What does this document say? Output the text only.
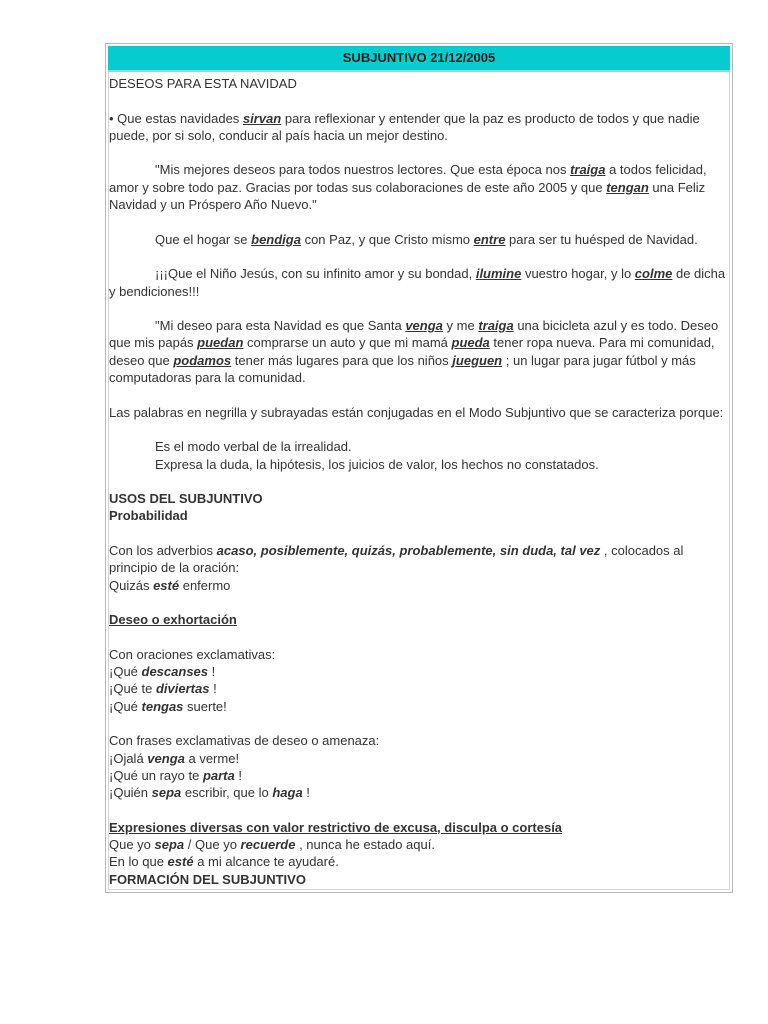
SUBJUNTIVO 21/12/2005

DESEOS PARA ESTA NAVIDAD

• Que estas navidades sirvan para reflexionar y entender que la paz es producto de todos y que nadie puede, por si solo, conducir al país hacia un mejor destino.

"Mis mejores deseos para todos nuestros lectores. Que esta época nos traiga a todos felicidad, amor y sobre todo paz. Gracias por todas sus colaboraciones de este año 2005 y que tengan una Feliz Navidad y un Próspero Año Nuevo."

Que el hogar se bendiga con Paz, y que Cristo mismo entre para ser tu huésped de Navidad.

¡¡¡Que el Niño Jesús, con su infinito amor y su bondad, ilumine vuestro hogar, y lo colme de dicha y bendiciones!!!

"Mi deseo para esta Navidad es que Santa venga y me traiga una bicicleta azul y es todo. Deseo que mis papás puedan comprarse un auto y que mi mamá pueda tener ropa nueva. Para mi comunidad, deseo que podamos tener más lugares para que los niños jueguen ; un lugar para jugar fútbol y más computadoras para la comunidad.

Las palabras en negrilla y subrayadas están conjugadas en el Modo Subjuntivo que se caracteriza porque:

Es el modo verbal de la irrealidad.

Expresa la duda, la hipótesis, los juicios de valor, los hechos no constatados.

USOS DEL SUBJUNTIVO

Probabilidad

Con los adverbios acaso, posiblemente, quizás, probablemente, sin duda, tal vez , colocados al principio de la oración:

Quizás esté enfermo

Deseo o exhortación

Con oraciones exclamativas:

¡Qué descanses !

¡Qué te diviertas !

¡Qué tengas suerte!

Con frases exclamativas de deseo o amenaza:

¡Ojalá venga a verme!

¡Qué un rayo te parta !

¡Quién sepa escribir, que lo haga !

Expresiones diversas con valor restrictivo de excusa, disculpa o cortesía

Que yo sepa / Que yo recuerde , nunca he estado aquí.

En lo que esté a mi alcance te ayudaré.

FORMACIÓN DEL SUBJUNTIVO
